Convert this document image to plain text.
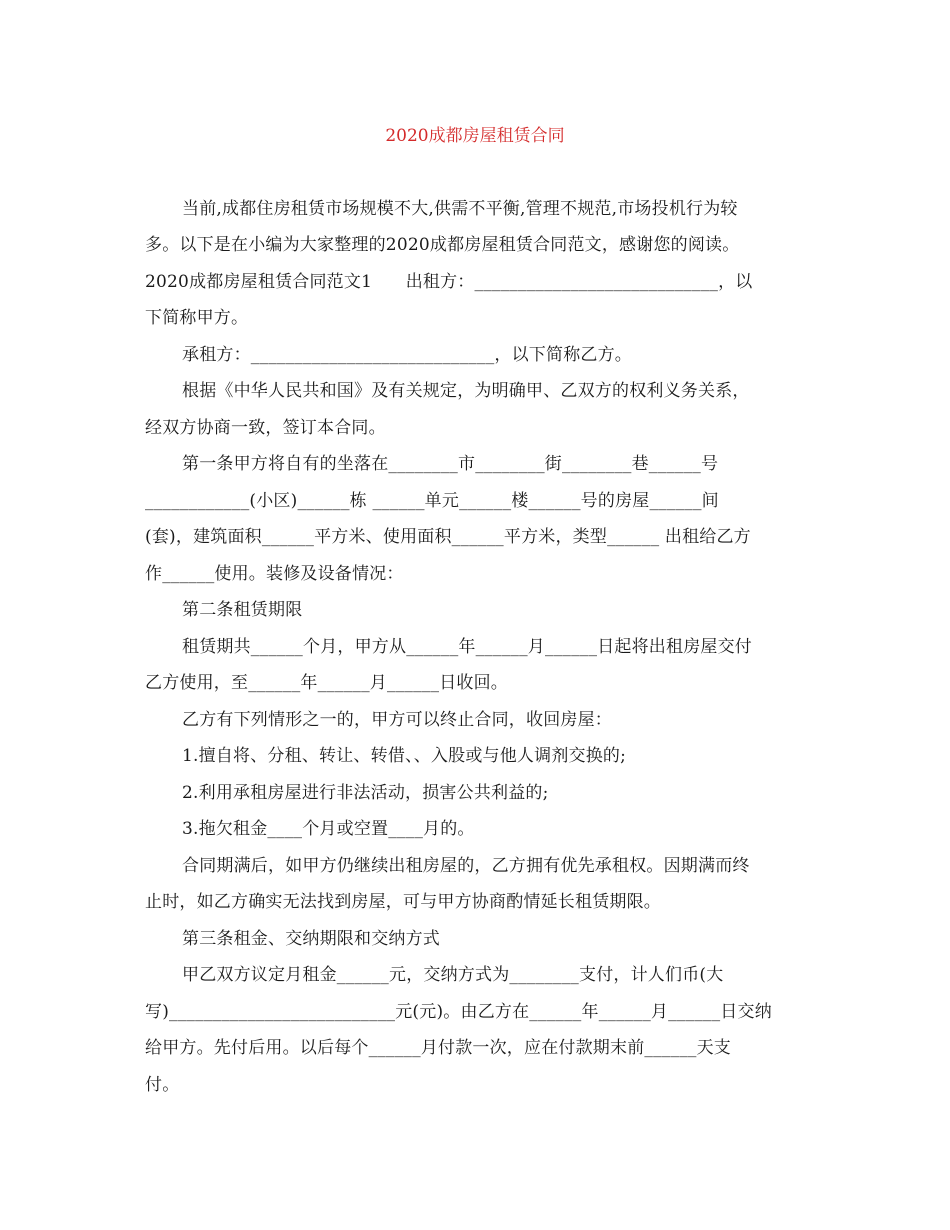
2020成都房屋租赁合同
当前,成都住房租赁市场规模不大,供需不平衡,管理不规范,市场投机行为较
多。以下是在小编为大家整理的2020成都房屋租赁合同范文，感谢您的阅读。
2020成都房屋租赁合同范文1      出租方：____________________________，以
下简称甲方。
承租方：____________________________，以下简称乙方。
根据《中华人民共和国》及有关规定，为明确甲、乙双方的权利义务关系，
经双方协商一致，签订本合同。
第一条甲方将自有的坐落在________市________街________巷______号
____________(小区)______栋 ______单元______楼______号的房屋______间
(套)，建筑面积______平方米、使用面积______平方米，类型______ 出租给乙方
作______使用。装修及设备情况：
第二条租赁期限
租赁期共______个月，甲方从______年______月______日起将出租房屋交付
乙方使用，至______年______月______日收回。
乙方有下列情形之一的，甲方可以终止合同，收回房屋：
1.擅自将、分租、转让、转借、、入股或与他人调剂交换的;
2.利用承租房屋进行非法活动，损害公共利益的;
3.拖欠租金____个月或空置____月的。
合同期满后，如甲方仍继续出租房屋的，乙方拥有优先承租权。因期满而终
止时，如乙方确实无法找到房屋，可与甲方协商酌情延长租赁期限。
第三条租金、交纳期限和交纳方式
甲乙双方议定月租金______元，交纳方式为________支付，计人们币(大
写)__________________________元(元)。由乙方在______年______月______日交纳
给甲方。先付后用。以后每个______月付款一次，应在付款期末前______天支
付。
